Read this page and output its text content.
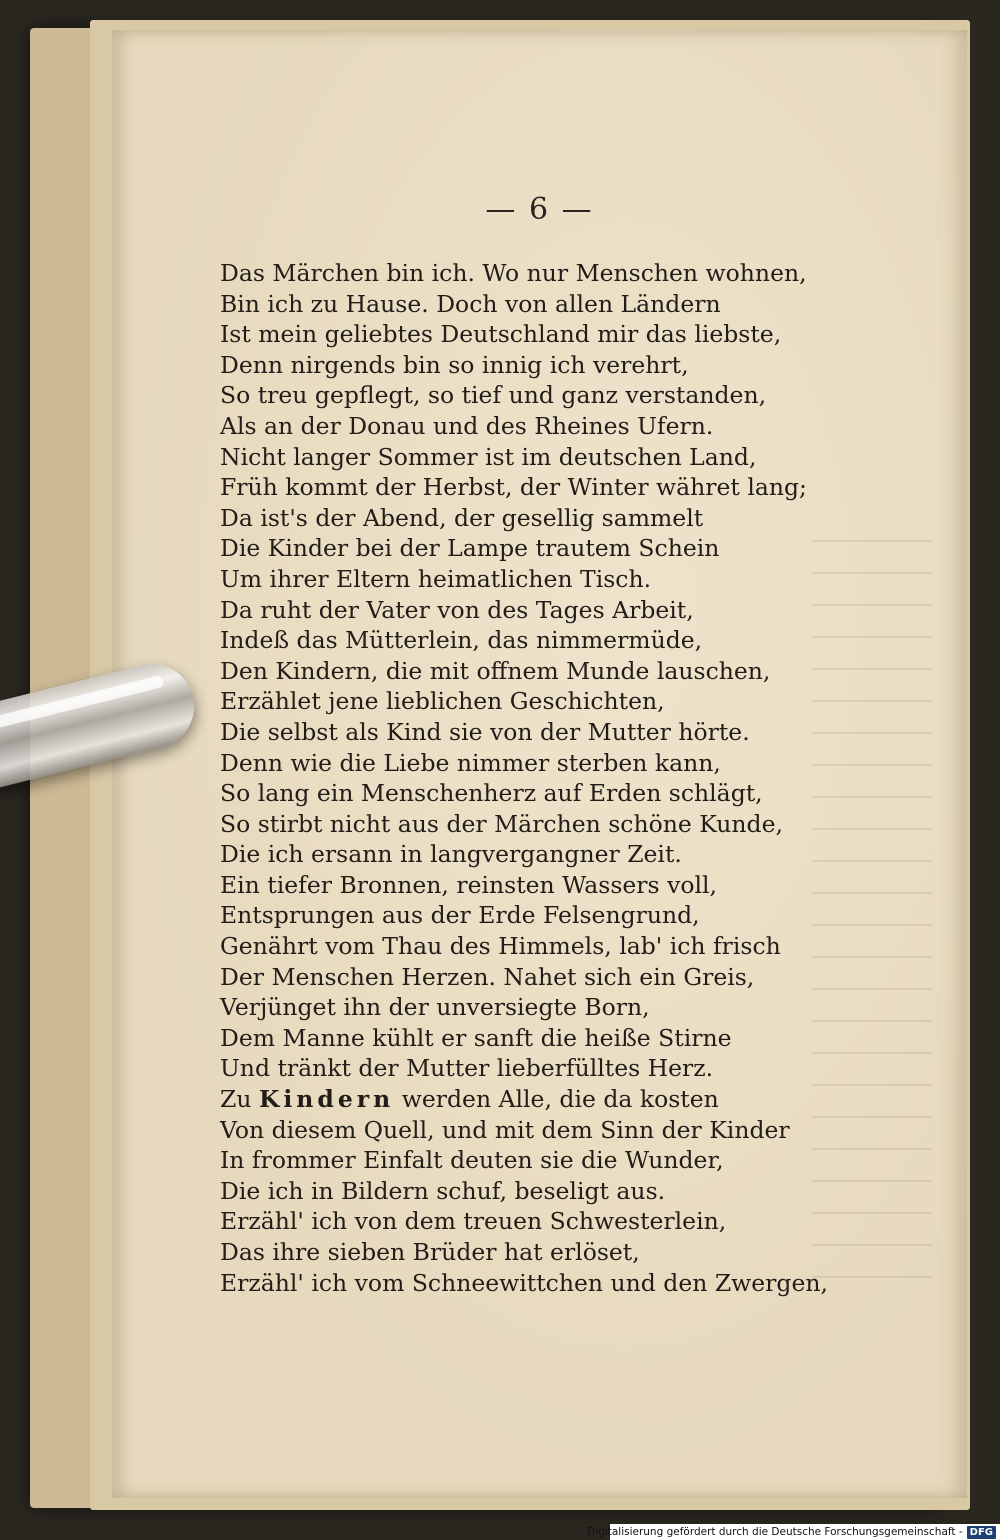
— 6 —
Das Märchen bin ich. Wo nur Menschen wohnen,
Bin ich zu Hause. Doch von allen Ländern
Ist mein geliebtes Deutschland mir das liebste,
Denn nirgends bin so innig ich verehrt,
So treu gepflegt, so tief und ganz verstanden,
Als an der Donau und des Rheines Ufern.
Nicht langer Sommer ist im deutschen Land,
Früh kommt der Herbst, der Winter währet lang;
Da ist's der Abend, der gesellig sammelt
Die Kinder bei der Lampe trautem Schein
Um ihrer Eltern heimatlichen Tisch.
Da ruht der Vater von des Tages Arbeit,
Indeß das Mütterlein, das nimmermüde,
Den Kindern, die mit offnem Munde lauschen,
Erzählet jene lieblichen Geschichten,
Die selbst als Kind sie von der Mutter hörte.
Denn wie die Liebe nimmer sterben kann,
So lang ein Menschenherz auf Erden schlägt,
So stirbt nicht aus der Märchen schöne Kunde,
Die ich ersann in langvergangner Zeit.
Ein tiefer Bronnen, reinsten Wassers voll,
Entsprungen aus der Erde Felsengrund,
Genährt vom Thau des Himmels, lab' ich frisch
Der Menschen Herzen. Nahet sich ein Greis,
Verjünget ihn der unversiegte Born,
Dem Manne kühlt er sanft die heiße Stirne
Und tränkt der Mutter lieberfülltes Herz.
Zu Kindern werden Alle, die da kosten
Von diesem Quell, und mit dem Sinn der Kinder
In frommer Einfalt deuten sie die Wunder,
Die ich in Bildern schuf, beseligt aus.
Erzähl' ich von dem treuen Schwesterlein,
Das ihre sieben Brüder hat erlöset,
Erzähl' ich vom Schneewittchen und den Zwergen,
Digitalisierung gefördert durch die Deutsche Forschungsgemeinschaft - DFG
